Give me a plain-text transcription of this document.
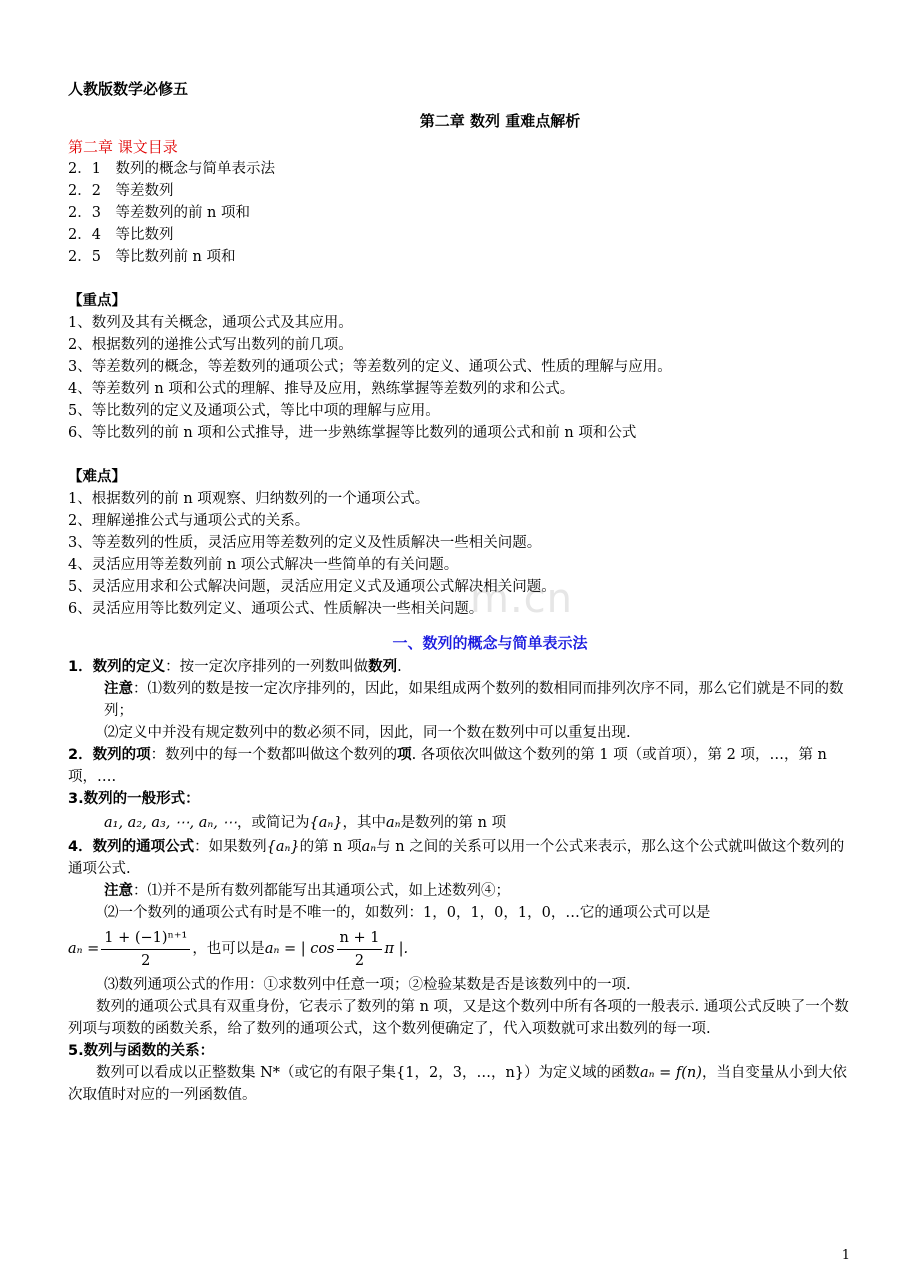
m.cn
人教版数学必修五
第二章 数列 重难点解析
第二章 课文目录
2．1　数列的概念与简单表示法
2．2　等差数列
2．3　等差数列的前 n 项和
2．4　等比数列
2．5　等比数列前 n 项和
【重点】
1、数列及其有关概念，通项公式及其应用。
2、根据数列的递推公式写出数列的前几项。
3、等差数列的概念，等差数列的通项公式；等差数列的定义、通项公式、性质的理解与应用。
4、等差数列 n 项和公式的理解、推导及应用，熟练掌握等差数列的求和公式。
5、等比数列的定义及通项公式，等比中项的理解与应用。
6、等比数列的前 n 项和公式推导，进一步熟练掌握等比数列的通项公式和前 n 项和公式
【难点】
1、根据数列的前 n 项观察、归纳数列的一个通项公式。
2、理解递推公式与通项公式的关系。
3、等差数列的性质，灵活应用等差数列的定义及性质解决一些相关问题。
4、灵活应用等差数列前 n 项公式解决一些简单的有关问题。
5、灵活应用求和公式解决问题，灵活应用定义式及通项公式解决相关问题。
6、灵活应用等比数列定义、通项公式、性质解决一些相关问题。
一、数列的概念与简单表示法
1．数列的定义：按一定次序排列的一列数叫做数列.
注意：⑴数列的数是按一定次序排列的，因此，如果组成两个数列的数相同而排列次序不同，那么它们就是不同的数列；
⑵定义中并没有规定数列中的数必须不同，因此，同一个数在数列中可以重复出现.
2．数列的项：数列中的每一个数都叫做这个数列的项. 各项依次叫做这个数列的第 1 项（或首项），第 2 项，…，第 n 项，….
3.数列的一般形式：
a₁, a₂, a₃, ⋯, aₙ, ⋯，或简记为{aₙ}，其中aₙ是数列的第 n 项
4．数列的通项公式：如果数列{aₙ}的第 n 项aₙ与 n 之间的关系可以用一个公式来表示，那么这个公式就叫做这个数列的通项公式.
注意：⑴并不是所有数列都能写出其通项公式，如上述数列④；
⑵一个数列的通项公式有时是不唯一的，如数列：1，0，1，0，1，0，…它的通项公式可以是
$a_n = \frac{\text{1 + (−1)ⁿ⁺¹}}{2}$ ，也可以是 aₙ = | $\cos \frac{n + 1}{2}$ π |.
⑶数列通项公式的作用：①求数列中任意一项；②检验某数是否是该数列中的一项.
数列的通项公式具有双重身份，它表示了数列的第 n 项，又是这个数列中所有各项的一般表示. 通项公式反映了一个数列项与项数的函数关系，给了数列的通项公式，这个数列便确定了，代入项数就可求出数列的每一项.
5.数列与函数的关系：
数列可以看成以正整数集 N*（或它的有限子集{1，2，3，…，n}）为定义域的函数aₙ = f(n)，当自变量从小到大依次取值时对应的一列函数值。
1
